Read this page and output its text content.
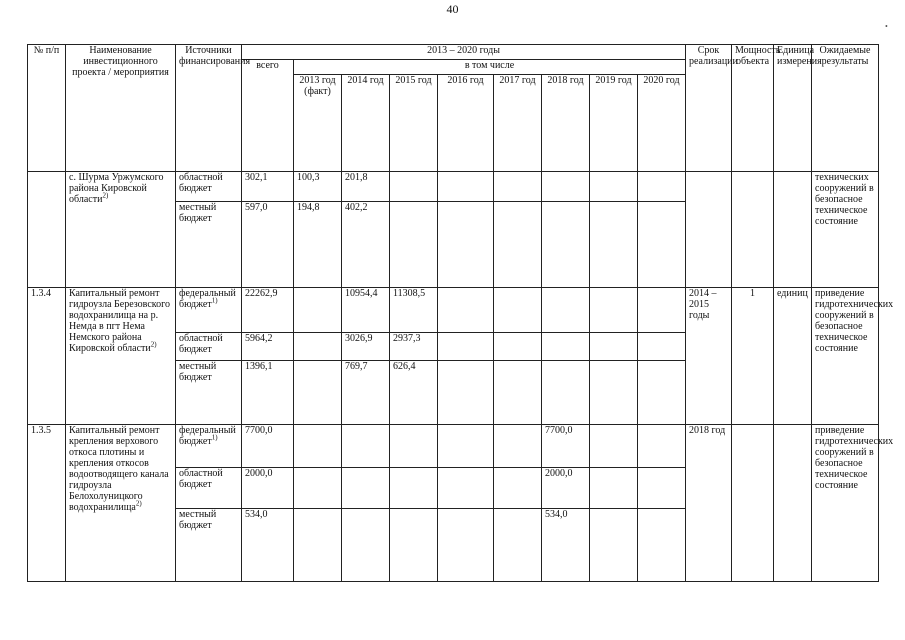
40
•
№ п/п	Наименование инвестиционного проекта / мероприятия	Источники финансирования	2013 – 2020 годы									Срок реализации	Мощность объекта	Единица измерения	Ожидаемые результаты
			всего	в том числе											
				2013 год (факт)	2014 год	2015 год	2016 год	2017 год	2018 год	2019 год	2020 год				
	с. Шурма Уржумского района Кировской области$^{2)}$	областной бюджет	302,1	100,3	201,8										технических сооружений в безопасное техническое состояние
		местный бюджет	597,0	194,8	402,2										
1.3.4	Капитальный ремонт гидроузла Березовского водохранилища на р. Немда в пгт Нема Немского района Кировской области$^{2)}$	федеральный бюджет$^{1)}$	22262,9		10954,4	11308,5						2014 – 2015 годы	1	единиц	приведение гидротехнических сооружений в безопасное техническое состояние
		областной бюджет	5964,2		3026,9	2937,3									
		местный бюджет	1396,1		769,7	626,4									
1.3.5	Капитальный ремонт крепления верхового откоса плотины и крепления откосов водоотводящего канала гидроузла Белохолуницкого водохранилища$^{2)}$	федеральный бюджет$^{1)}$	7700,0						7700,0			2018 год			приведение гидротехнических сооружений в безопасное техническое состояние
		областной бюджет	2000,0						2000,0						
		местный бюджет	534,0						534,0						
